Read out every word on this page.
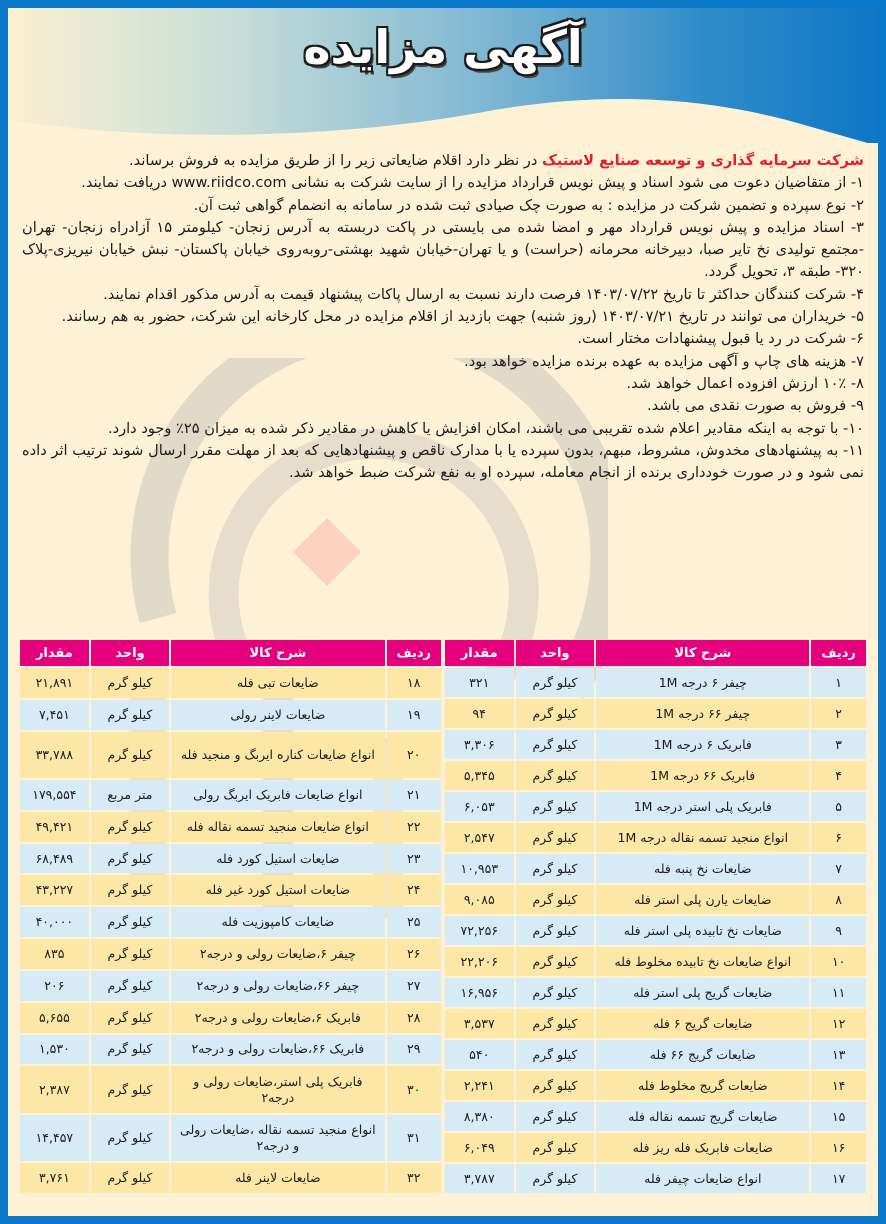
آگهی مزایده

شرکت سرمایه گذاری و توسعه صنایع لاستیک در نظر دارد اقلام ضایعاتی زیر را از طریق مزایده به فروش برساند.

۱- از متقاضیان دعوت می شود اسناد و پیش نویس قرارداد مزایده را از سایت شرکت به نشانی www.riidco.com دریافت نمایند.

۲- نوع سپرده و تضمین شرکت در مزایده : به صورت چک صیادی ثبت شده در سامانه به انضمام گواهی ثبت آن.

۳- اسناد مزایده و پیش نویس قرارداد مهر و امضا شده می بایستی در پاکت دربسته به آدرس زنجان- کیلومتر ۱۵ آزادراه زنجان- تهران -مجتمع تولیدی نخ تایر صبا، دبیرخانه محرمانه (حراست) و یا تهران-خیابان شهید بهشتی-روبه‌روی خیابان پاکستان- نبش خیابان نیریزی-پلاک ۳۲۰- طبقه ۳، تحویل گردد.

۴- شرکت کنندگان حداکثر تا تاریخ ۱۴۰۳/۰۷/۲۲ فرصت دارند نسبت به ارسال پاکات پیشنهاد قیمت به آدرس مذکور اقدام نمایند.

۵- خریداران می توانند در تاریخ ۱۴۰۳/۰۷/۲۱ (روز شنبه) جهت بازدید از اقلام مزایده در محل کارخانه این شرکت، حضور به هم رسانند.

۶- شرکت در رد یا قبول پیشنهادات مختار است.

۷- هزینه های چاپ و آگهی مزایده به عهده برنده مزایده خواهد بود.

۸- ۱۰٪ ارزش افزوده اعمال خواهد شد.

۹- فروش به صورت نقدی می باشد.

۱۰- با توجه به اینکه مقادیر اعلام شده تقریبی می باشند، امکان افزایش یا کاهش در مقادیر ذکر شده به میزان ۲۵٪ وجود دارد.

۱۱- به پیشنهادهای مخدوش، مشروط، مبهم، بدون سپرده یا با مدارک ناقص و پیشنهادهایی که بعد از مهلت مقرر ارسال شوند ترتیب اثر داده نمی شود و در صورت خودداری برنده از انجام معامله، سپرده او به نفع شرکت ضبط خواهد شد.

ردیف	شرح کالا	واحد	مقدار
۱	چیفر ۶ درجه 1M	کیلو گرم	۳۲۱
۲	چیفر ۶۶ درجه 1M	کیلو گرم	۹۴
۳	فابریک ۶ درجه 1M	کیلو گرم	۳,۳۰۶
۴	فابریک ۶۶ درجه 1M	کیلو گرم	۵,۳۴۵
۵	فابریک پلی استر درجه 1M	کیلو گرم	۶,۰۵۳
۶	انواع منجید تسمه نقاله درجه 1M	کیلو گرم	۲,۵۴۷
۷	ضایعات نخ پنبه فله	کیلو گرم	۱۰,۹۵۳
۸	ضایعات یارن پلی استر فله	کیلو گرم	۹,۰۸۵
۹	ضایعات نخ تابیده پلی استر فله	کیلو گرم	۷۲,۲۵۶
۱۰	انواع ضایعات نخ تابیده مخلوط فله	کیلو گرم	۲۲,۲۰۶
۱۱	ضایعات گریج پلی استر فله	کیلو گرم	۱۶,۹۵۶
۱۲	ضایعات گریج ۶ فله	کیلو گرم	۳,۵۳۷
۱۳	ضایعات گریج ۶۶ فله	کیلو گرم	۵۴۰
۱۴	ضایعات گریج مخلوط فله	کیلو گرم	۲,۲۴۱
۱۵	ضایعات گریج تسمه نقاله فله	کیلو گرم	۸,۳۸۰
۱۶	ضایعات فابریک فله ریز فله	کیلو گرم	۶,۰۴۹
۱۷	انواع ضایعات چیفر فله	کیلو گرم	۳,۷۸۷
ردیف	شرح کالا	واحد	مقدار
۱۸	ضایعات تبی فله	کیلو گرم	۲۱,۸۹۱
۱۹	ضایعات لاینر رولی	کیلو گرم	۷,۴۵۱
۲۰	انواع ضایعات کناره ایربگ و منجید فله	کیلو گرم	۳۳,۷۸۸
۲۱	انواع ضایعات فابریک ایربگ رولی	متر مربع	۱۷۹,۵۵۴
۲۲	انواع ضایعات منجید تسمه نقاله فله	کیلو گرم	۴۹,۴۲۱
۲۳	ضایعات استیل کورد فله	کیلو گرم	۶۸,۴۸۹
۲۴	ضایعات استیل کورد غیر فله	کیلو گرم	۴۳,۲۲۷
۲۵	ضایعات کامپوزیت فله	کیلو گرم	۴۰,۰۰۰
۲۶	چیفر ۶،ضایعات رولی و درجه۲	کیلو گرم	۸۳۵
۲۷	چیفر ۶۶،ضایعات رولی و درجه۲	کیلو گرم	۲۰۶
۲۸	فابریک ۶،ضایعات رولی و درجه۲	کیلو گرم	۵,۶۵۵
۲۹	فابریک ۶۶،ضایعات رولی و درجه۲	کیلو گرم	۱,۵۳۰
۳۰	فابریک پلی استر،ضایعات رولی و درجه۲	کیلو گرم	۲,۳۸۷
۳۱	انواع منجید تسمه نقاله ،ضایعات رولی و درجه۲	کیلو گرم	۱۴,۴۵۷
۳۲	ضایعات لاینر فله	کیلو گرم	۳,۷۶۱
